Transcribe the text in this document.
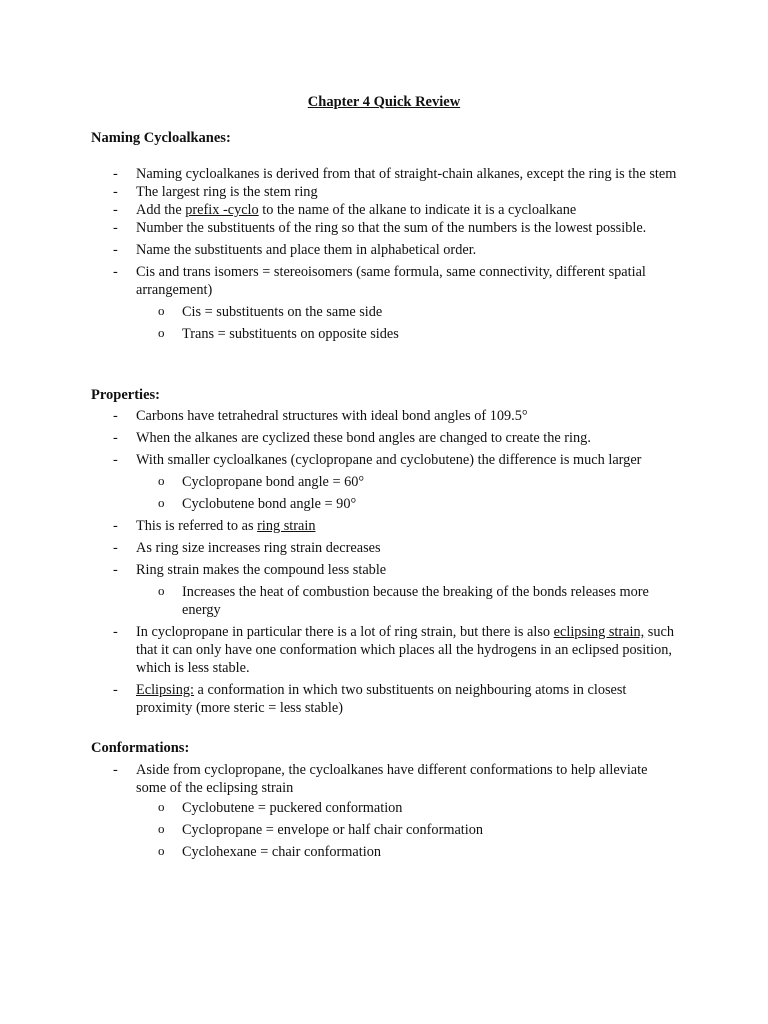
Chapter 4 Quick Review
Naming Cycloalkanes:
- Naming cycloalkanes is derived from that of straight-chain alkanes, except the ring is the stem
- The largest ring is the stem ring
- Add the prefix -cyclo to the name of the alkane to indicate it is a cycloalkane
- Number the substituents of the ring so that the sum of the numbers is the lowest possible.
- Name the substituents and place them in alphabetical order.
- Cis and trans isomers = stereoisomers (same formula, same connectivity, different spatial arrangement)
o Cis = substituents on the same side
o Trans = substituents on opposite sides
Properties:
- Carbons have tetrahedral structures with ideal bond angles of 109.5°
- When the alkanes are cyclized these bond angles are changed to create the ring.
- With smaller cycloalkanes (cyclopropane and cyclobutene) the difference is much larger
o Cyclopropane bond angle = 60°
o Cyclobutene bond angle = 90°
- This is referred to as ring strain
- As ring size increases ring strain decreases
- Ring strain makes the compound less stable
o Increases the heat of combustion because the breaking of the bonds releases more energy
- In cyclopropane in particular there is a lot of ring strain, but there is also eclipsing strain, such that it can only have one conformation which places all the hydrogens in an eclipsed position, which is less stable.
- Eclipsing: a conformation in which two substituents on neighbouring atoms in closest proximity (more steric = less stable)
Conformations:
- Aside from cyclopropane, the cycloalkanes have different conformations to help alleviate some of the eclipsing strain
o Cyclobutene = puckered conformation
o Cyclopropane = envelope or half chair conformation
o Cyclohexane = chair conformation
